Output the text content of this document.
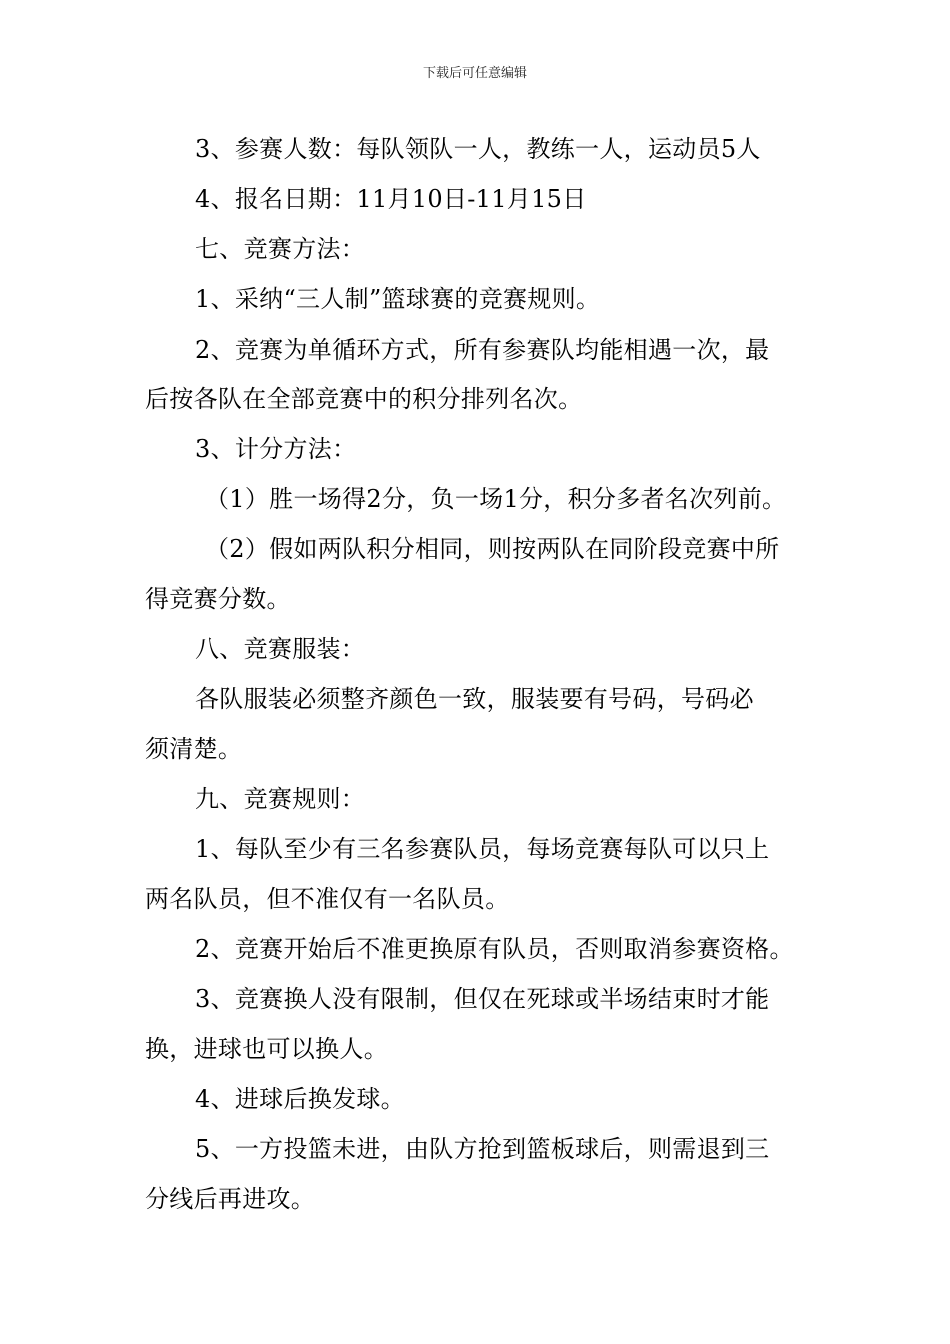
下载后可任意编辑
3、参赛人数：每队领队一人，教练一人，运动员5人
4、报名日期：11月10日-11月15日
七、竞赛方法：
1、采纳“三人制”篮球赛的竞赛规则。
2、竞赛为单循环方式，所有参赛队均能相遇一次，最
后按各队在全部竞赛中的积分排列名次。
3、计分方法：
（1）胜一场得2分，负一场1分，积分多者名次列前。
（2）假如两队积分相同，则按两队在同阶段竞赛中所
得竞赛分数。
八、竞赛服装：
各队服装必须整齐颜色一致，服装要有号码，号码必
须清楚。
九、竞赛规则：
1、每队至少有三名参赛队员，每场竞赛每队可以只上
两名队员，但不准仅有一名队员。
2、竞赛开始后不准更换原有队员，否则取消参赛资格。
3、竞赛换人没有限制，但仅在死球或半场结束时才能
换，进球也可以换人。
4、进球后换发球。
5、一方投篮未进，由队方抢到篮板球后，则需退到三
分线后再进攻。
